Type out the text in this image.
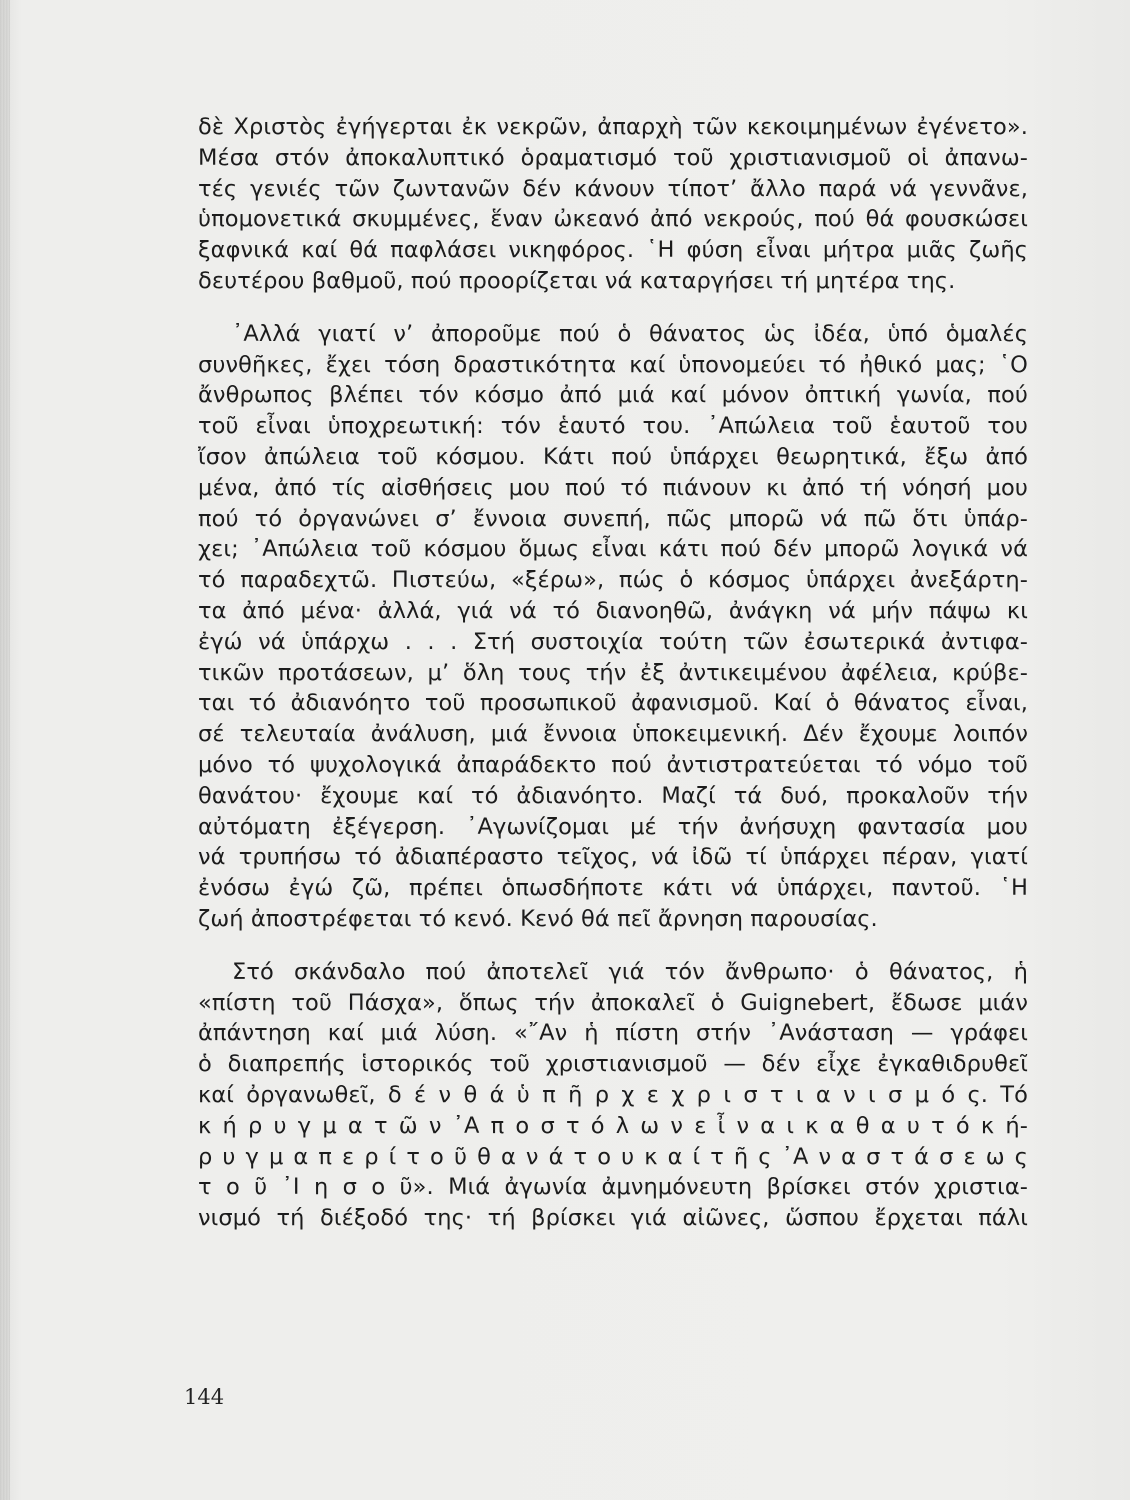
δὲ Χριστὸς ἐγήγερται ἐκ νεκρῶν, ἀπαρχὴ τῶν κεκοιμημένων ἐγένετο».
Μέσα στόν ἀποκαλυπτικό ὁραματισμό τοῦ χριστιανισμοῦ οἱ ἀπανω-
τές γενιές τῶν ζωντανῶν δέν κάνουν τίποτ’ ἄλλο παρά νά γεννᾶνε,
ὑπομονετικά σκυμμένες, ἕναν ὠκεανό ἀπό νεκρούς, πού θά φουσκώσει
ξαφνικά καί θά παφλάσει νικηφόρος. ῾Η φύση εἶναι μήτρα μιᾶς ζωῆς
δευτέρου βαθμοῦ, πού προορίζεται νά καταργήσει τή μητέρα της.
᾿Αλλά γιατί ν’ ἀποροῦμε πού ὁ θάνατος ὡς ἰδέα, ὑπό ὁμαλές
συνθῆκες, ἔχει τόση δραστικότητα καί ὑπονομεύει τό ἠθικό μας; ῾Ο
ἄνθρωπος βλέπει τόν κόσμο ἀπό μιά καί μόνον ὀπτική γωνία, πού
τοῦ εἶναι ὑποχρεωτική: τόν ἑαυτό του. ᾿Απώλεια τοῦ ἑαυτοῦ του
ἴσον ἀπώλεια τοῦ κόσμου. Κάτι πού ὑπάρχει θεωρητικά, ἔξω ἀπό
μένα, ἀπό τίς αἰσθήσεις μου πού τό πιάνουν κι ἀπό τή νόησή μου
πού τό ὀργανώνει σ’ ἔννοια συνεπή, πῶς μπορῶ νά πῶ ὅτι ὑπάρ-
χει; ᾿Απώλεια τοῦ κόσμου ὅμως εἶναι κάτι πού δέν μπορῶ λογικά νά
τό παραδεχτῶ. Πιστεύω, «ξέρω», πώς ὁ κόσμος ὑπάρχει ἀνεξάρτη-
τα ἀπό μένα· ἀλλά, γιά νά τό διανοηθῶ, ἀνάγκη νά μήν πάψω κι
ἐγώ νά ὑπάρχω . . . Στή συστοιχία τούτη τῶν ἐσωτερικά ἀντιφα-
τικῶν προτάσεων, μ’ ὅλη τους τήν ἐξ ἀντικειμένου ἀφέλεια, κρύβε-
ται τό ἀδιανόητο τοῦ προσωπικοῦ ἀφανισμοῦ. Καί ὁ θάνατος εἶναι,
σέ τελευταία ἀνάλυση, μιά ἔννοια ὑποκειμενική. Δέν ἔχουμε λοιπόν
μόνο τό ψυχολογικά ἀπαράδεκτο πού ἀντιστρατεύεται τό νόμο τοῦ
θανάτου· ἔχουμε καί τό ἀδιανόητο. Μαζί τά δυό, προκαλοῦν τήν
αὐτόματη ἐξέγερση. ᾿Αγωνίζομαι μέ τήν ἀνήσυχη φαντασία μου
νά τρυπήσω τό ἀδιαπέραστο τεῖχος, νά ἰδῶ τί ὑπάρχει πέραν, γιατί
ἐνόσω ἐγώ ζῶ, πρέπει ὁπωσδήποτε κάτι νά ὑπάρχει, παντοῦ. ῾Η
ζωή ἀποστρέφεται τό κενό. Κενό θά πεῖ ἄρνηση παρουσίας.
Στό σκάνδαλο πού ἀποτελεῖ γιά τόν ἄνθρωπο· ὁ θάνατος, ἡ
«πίστη τοῦ Πάσχα», ὅπως τήν ἀποκαλεῖ ὁ Guignebert, ἔδωσε μιάν
ἀπάντηση καί μιά λύση. «῎Αν ἡ πίστη στήν ᾿Ανάσταση — γράφει
ὁ διαπρεπής ἱστορικός τοῦ χριστιανισμοῦ — δέν εἶχε ἐγκαθιδρυθεῖ
καί ὀργανωθεῖ, δ έ ν θ ά ὑ π ῆ ρ χ ε χ ρ ι σ τ ι α ν ι σ μ ό ς. Τό
κ ή ρ υ γ μ α τ ῶ ν ᾿Α π ο σ τ ό λ ω ν ε ἶ ν α ι κ α θ α υ τ ό κ ή-
ρ υ γ μ α π ε ρ ί τ ο ῦ θ α ν ά τ ο υ κ α ί τ ῆ ς ᾿Α ν α σ τ ά σ ε ω ς
τ ο ῦ ᾿Ι η σ ο ῦ». Μιά ἀγωνία ἀμνημόνευτη βρίσκει στόν χριστια-
νισμό τή διέξοδό της· τή βρίσκει γιά αἰῶνες, ὥσπου ἔρχεται πάλι
144
